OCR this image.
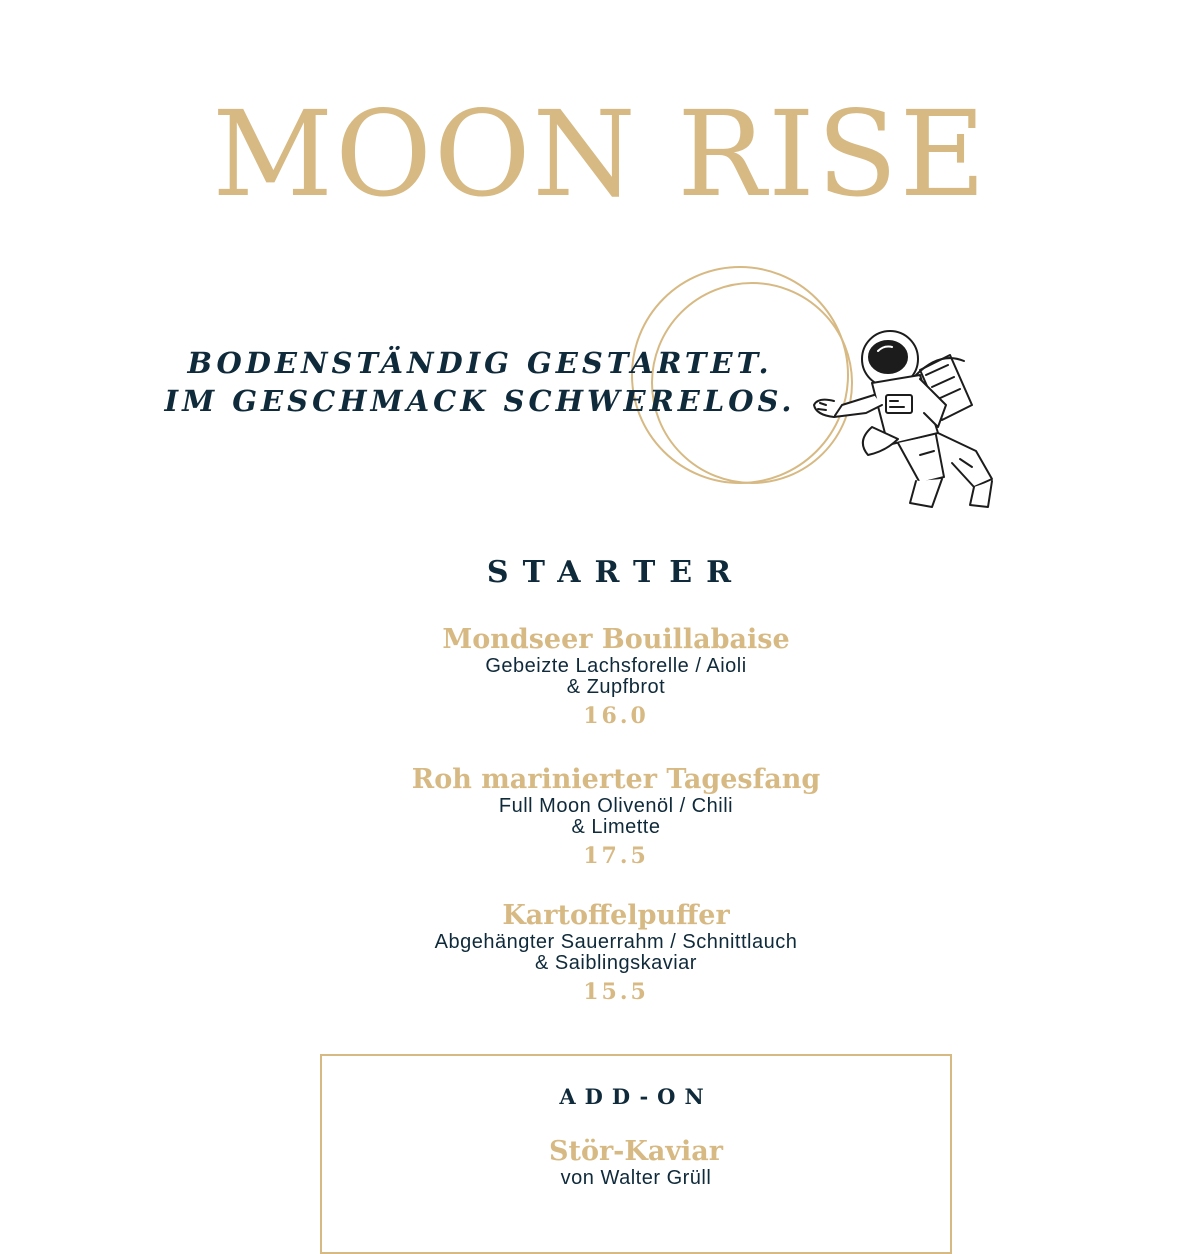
MOON RISE
BODENSTÄNDIG GESTARTET.
IM GESCHMACK SCHWERELOS.
STARTER
Mondseer Bouillabaise
Gebeizte Lachsforelle / Aioli
& Zupfbrot
16.0
Roh marinierter Tagesfang
Full Moon Olivenöl / Chili
& Limette
17.5
Kartoffelpuffer
Abgehängter Sauerrahm / Schnittlauch
& Saiblingskaviar
15.5
ADD-ON
Stör-Kaviar
von Walter Grüll
